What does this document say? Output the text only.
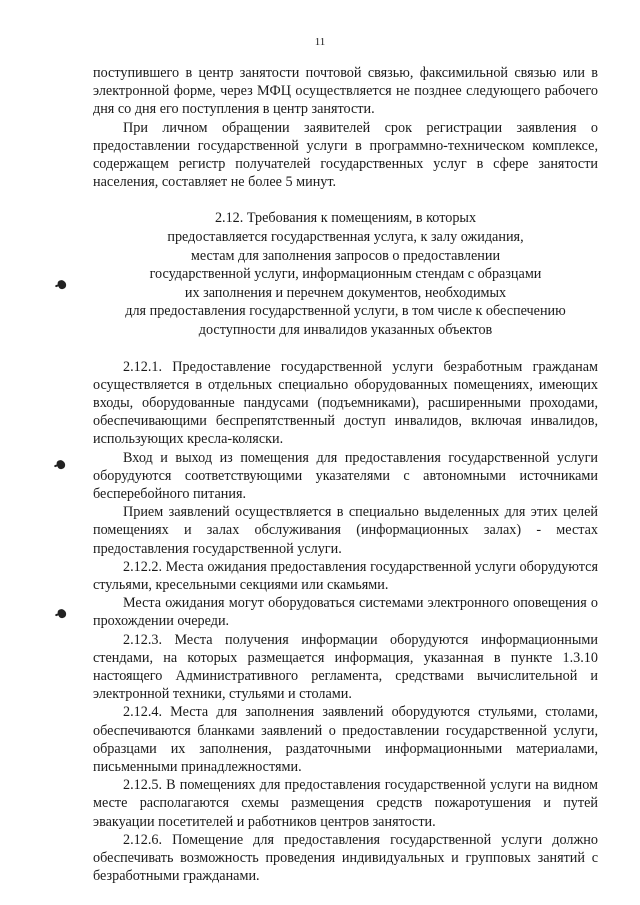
11

поступившего в центр занятости почтовой связью, факсимильной связью или в электронной форме, через МФЦ осуществляется не позднее следующего рабочего дня со дня его поступления в центр занятости.

При личном обращении заявителей срок регистрации заявления о предоставлении государственной услуги в программно-техническом комплексе, содержащем регистр получателей государственных услуг в сфере занятости населения, составляет не более 5 минут.

2.12. Требования к помещениям, в которых
предоставляется государственная услуга, к залу ожидания,
местам для заполнения запросов о предоставлении
государственной услуги, информационным стендам с образцами
их заполнения и перечнем документов, необходимых
для предоставления государственной услуги, в том числе к обеспечению
доступности для инвалидов указанных объектов

2.12.1. Предоставление государственной услуги безработным гражданам осуществляется в отдельных специально оборудованных помещениях, имеющих входы, оборудованные пандусами (подъемниками), расширенными проходами, обеспечивающими беспрепятственный доступ инвалидов, включая инвалидов, использующих кресла-коляски.

Вход и выход из помещения для предоставления государственной услуги оборудуются соответствующими указателями с автономными источниками бесперебойного питания.

Прием заявлений осуществляется в специально выделенных для этих целей помещениях и залах обслуживания (информационных залах) - местах предоставления государственной услуги.

2.12.2. Места ожидания предоставления государственной услуги оборудуются стульями, кресельными секциями или скамьями.

Места ожидания могут оборудоваться системами электронного оповещения о прохождении очереди.

2.12.3. Места получения информации оборудуются информационными стендами, на которых размещается информация, указанная в пункте 1.3.10 настоящего Административного регламента, средствами вычислительной и электронной техники, стульями и столами.

2.12.4. Места для заполнения заявлений оборудуются стульями, столами, обеспечиваются бланками заявлений о предоставлении государственной услуги, образцами их заполнения, раздаточными информационными материалами, письменными принадлежностями.

2.12.5. В помещениях для предоставления государственной услуги на видном месте располагаются схемы размещения средств пожаротушения и путей эвакуации посетителей и работников центров занятости.

2.12.6. Помещение для предоставления государственной услуги должно обеспечивать возможность проведения индивидуальных и групповых занятий с безработными гражданами.
